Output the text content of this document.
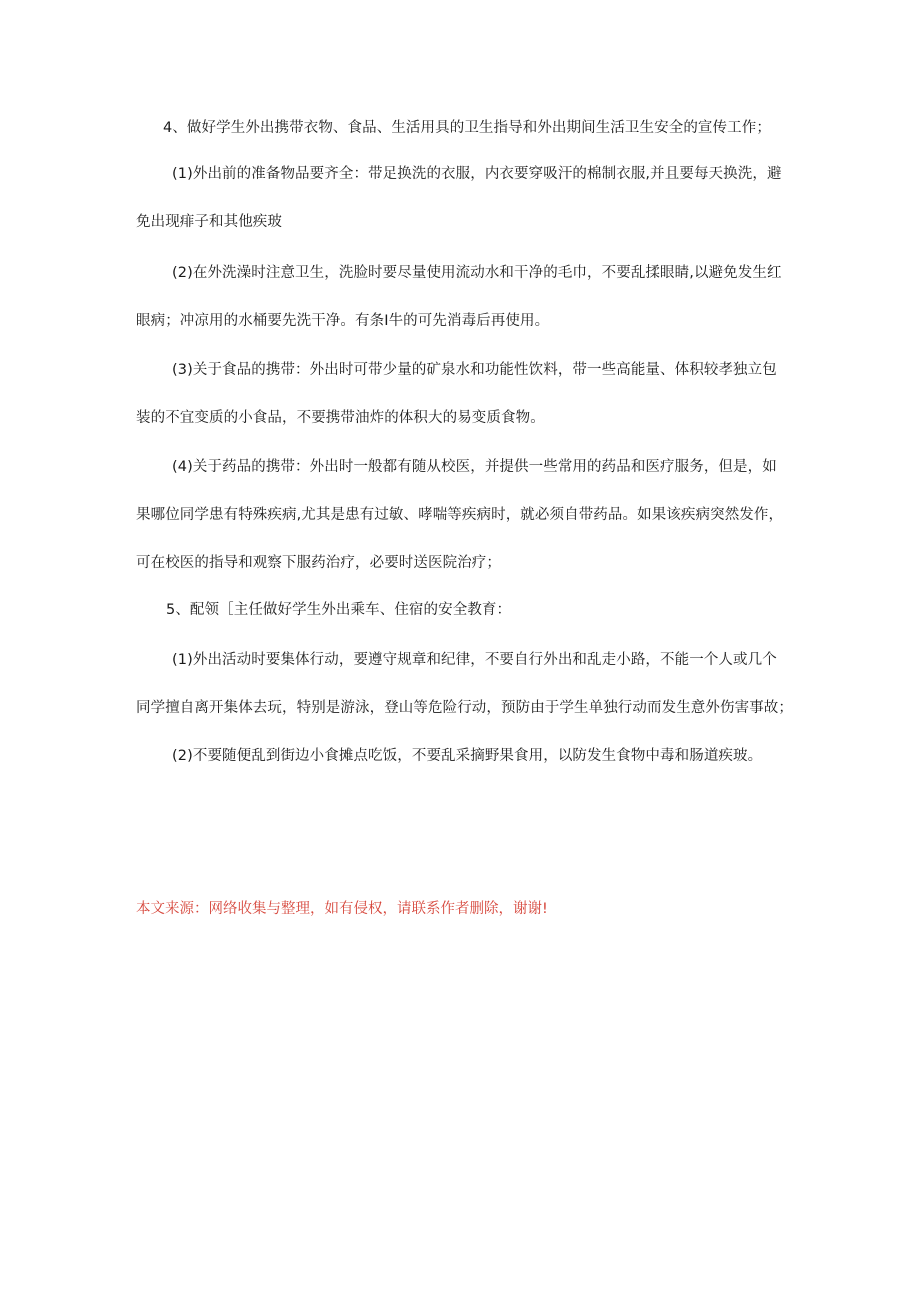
4、做好学生外出携带衣物、食品、生活用具的卫生指导和外出期间生活卫生安全的宣传工作；
(1)外出前的准备物品要齐全：带足换洗的衣服，内衣要穿吸汗的棉制衣服,并且要每天换洗，避
免出现痱子和其他疾玻
(2)在外洗澡时注意卫生，洗脸时要尽量使用流动水和干净的毛巾，不要乱揉眼睛,以避免发生红
眼病；冲凉用的水桶要先洗干净。有条I牛的可先消毒后再使用。
(3)关于食品的携带：外出时可带少量的矿泉水和功能性饮料，带一些高能量、体积较孝独立包
装的不宜变质的小食品，不要携带油炸的体积大的易变质食物。
(4)关于药品的携带：外出时一般都有随从校医，并提供一些常用的药品和医疗服务，但是，如
果哪位同学患有特殊疾病,尤其是患有过敏、哮喘等疾病时，就必须自带药品。如果该疾病突然发作，
可在校医的指导和观察下服药治疗，必要时送医院治疗；
5、配领［主任做好学生外出乘车、住宿的安全教育：
(1)外出活动时要集体行动，要遵守规章和纪律，不要自行外出和乱走小路，不能一个人或几个
同学擅自离开集体去玩，特别是游泳，登山等危险行动，预防由于学生单独行动而发生意外伤害事故；
(2)不要随便乱到街边小食摊点吃饭，不要乱采摘野果食用，以防发生食物中毒和肠道疾玻。
本文来源：网络收集与整理，如有侵权，请联系作者删除，谢谢!
